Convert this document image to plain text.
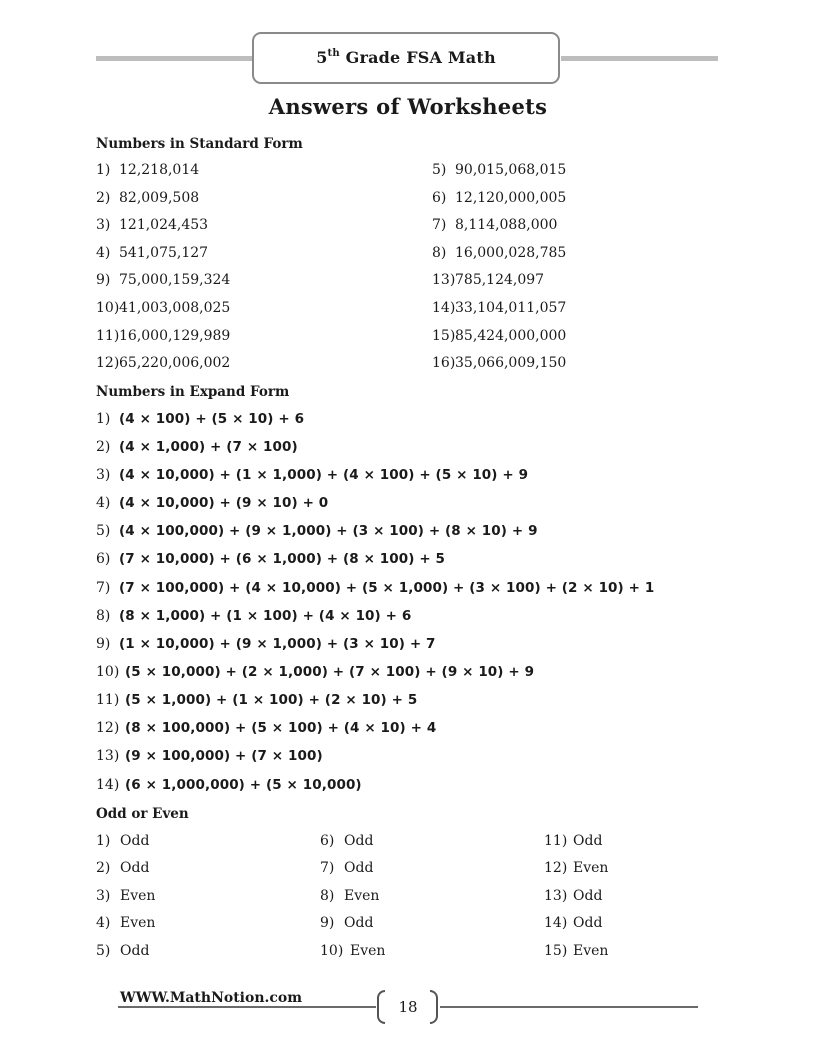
5th Grade FSA Math
Answers of Worksheets
Numbers in Standard Form
1) 12,218,014
2) 82,009,508
3) 121,024,453
4) 541,075,127
9) 75,000,159,324
10)41,003,008,025
11)16,000,129,989
12)65,220,006,002
5) 90,015,068,015
6) 12,120,000,005
7) 8,114,088,000
8) 16,000,028,785
13)785,124,097
14)33,104,011,057
15)85,424,000,000
16)35,066,009,150
Numbers in Expand Form
1) (4 × 100) + (5 × 10) + 6
2) (4 × 1,000) + (7 × 100)
3) (4 × 10,000) + (1 × 1,000) + (4 × 100) + (5 × 10) + 9
4) (4 × 10,000) + (9 × 10) + 0
5) (4 × 100,000) + (9 × 1,000) + (3 × 100) + (8 × 10) + 9
6) (7 × 10,000) + (6 × 1,000) + (8 × 100) + 5
7) (7 × 100,000) + (4 × 10,000) + (5 × 1,000) + (3 × 100) + (2 × 10) + 1
8) (8 × 1,000) + (1 × 100) + (4 × 10) + 6
9) (1 × 10,000) + (9 × 1,000) + (3 × 10) + 7
10) (5 × 10,000) + (2 × 1,000) + (7 × 100) + (9 × 10) + 9
11) (5 × 1,000) + (1 × 100) + (2 × 10) + 5
12) (8 × 100,000) + (5 × 100) + (4 × 10) + 4
13) (9 × 100,000) + (7 × 100)
14) (6 × 1,000,000) + (5 × 10,000)
Odd or Even
1) Odd
2) Odd
3) Even
4) Even
5) Odd
6) Odd
7) Odd
8) Even
9) Odd
10) Even
11) Odd
12) Even
13) Odd
14) Odd
15) Even
WWW.MathNotion.com	18
